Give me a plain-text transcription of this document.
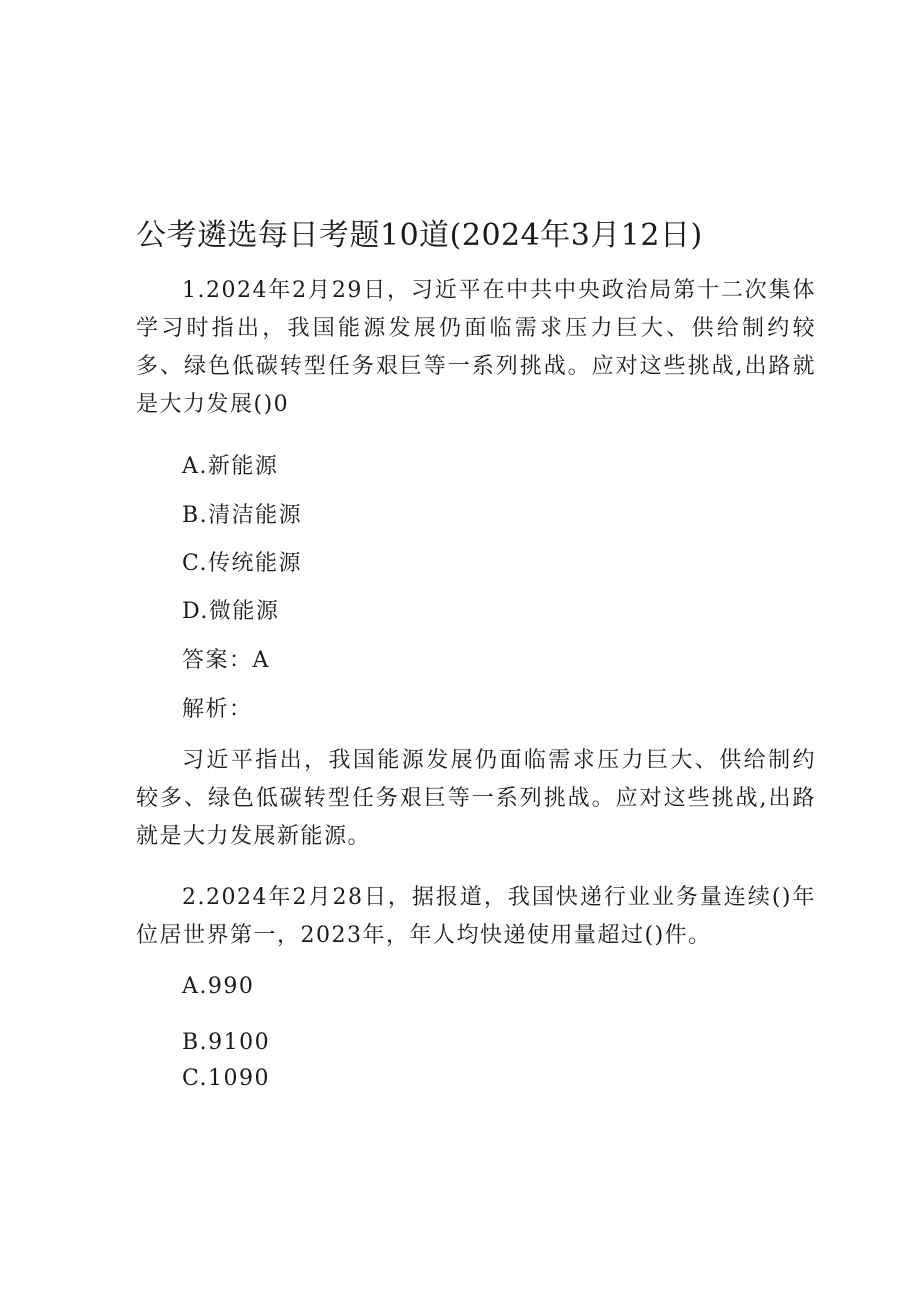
公考遴选每日考题10道(2024年3月12日)

1.2024年2月29日，习近平在中共中央政治局第十二次集体学习时指出，我国能源发展仍面临需求压力巨大、供给制约较多、绿色低碳转型任务艰巨等一系列挑战。应对这些挑战,出路就是大力发展()0

A.新能源
B.清洁能源
C.传统能源
D.微能源
答案：A
解析：

习近平指出，我国能源发展仍面临需求压力巨大、供给制约较多、绿色低碳转型任务艰巨等一系列挑战。应对这些挑战,出路就是大力发展新能源。

2.2024年2月28日，据报道，我国快递行业业务量连续()年位居世界第一，2023年，年人均快递使用量超过()件。

A.990
B.9100
C.1090
